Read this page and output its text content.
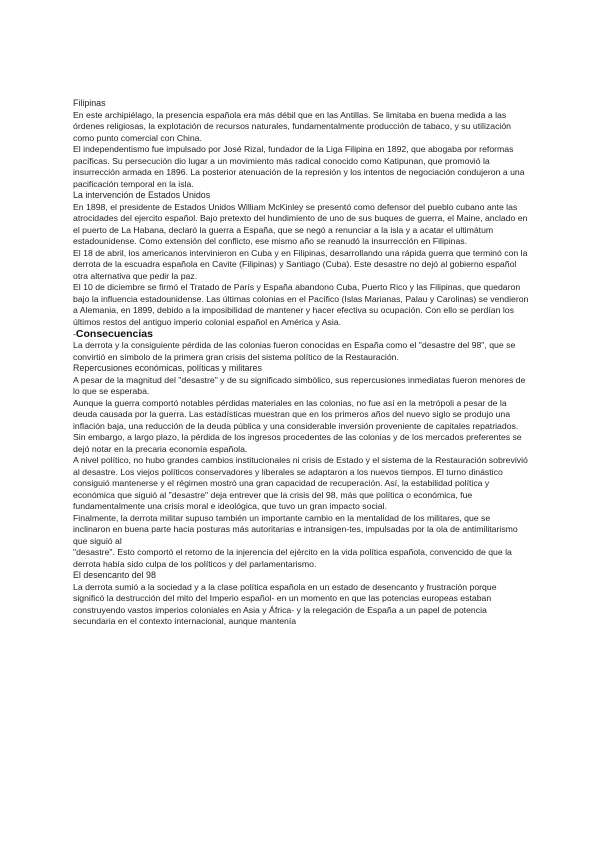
Filipinas

En este archipiélago, la presencia española era más débil que en las Antillas. Se limitaba en buena medida a las órdenes religiosas, la explotación de recursos naturales, fundamentalmente producción de tabaco, y su utilización como punto comercial con China.

El independentismo fue impulsado por José Rizal, fundador de la Liga Filipina en 1892, que abogaba por reformas pacíficas. Su persecución dio lugar a un movimiento más radical conocido como Katipunan, que promovió la insurrección armada en 1896. La posterior atenuación de la represión y los intentos de negociación condujeron a una pacificación temporal en la isla.

La intervención de Estados Unidos

En 1898, el presidente de Estados Unidos William McKinley se presentó como defensor del pueblo cubano ante las atrocidades del ejercito español. Bajo pretexto del hundimiento de uno de sus buques de guerra, el Maine, anclado en el puerto de La Habana, declaró la guerra a España, que se negó a renunciar a la isla y a acatar el ultimátum estadounidense. Como extensión del conflicto, ese mismo año se reanudó la insurrección en Filipinas.

El 18 de abril, los americanos intervinieron en Cuba y en Filipinas, desarrollando una rápida guerra que terminó con la derrota de la escuadra española en Cavite (Filipinas) y Santiago (Cuba). Este desastre no dejó al gobierno español otra alternativa que pedir la paz.

El 10 de diciembre se firmó el Tratado de París y España abandono Cuba, Puerto Rico y las Filipinas, que quedaron bajo la influencia estadounidense. Las últimas colonias en el Pacífico (Islas Marianas, Palau y Carolinas) se vendieron a Alemania, en 1899, debido a la imposibilidad de mantener y hacer efectiva su ocupación. Con ello se perdían los últimos restos del antiguo imperio colonial español en América y Asia.

-Consecuencias

La derrota y la consiguiente pérdida de las colonias fueron conocidas en España como el "desastre del 98", que se convirtió en símbolo de la primera gran crisis del sistema político de la Restauración.

Repercusiones económicas, políticas y militares

A pesar de la magnitud del "desastre" y de su significado simbólico, sus repercusiones inmediatas fueron menores de lo que se esperaba.

Aunque la guerra comportó notables pérdidas materiales en las colonias, no fue así en la metrópoli a pesar de la deuda causada por la guerra. Las estadísticas muestran que en los primeros años del nuevo siglo se produjo una inflación baja, una reducción de la deuda pública y una considerable inversión proveniente de capitales repatriados. Sin embargo, a largo plazo, la pérdida de los ingresos procedentes de las colonias y de los mercados preferentes se dejó notar en la precaria economía española.

A nivel político, no hubo grandes cambios institucionales ni crisis de Estado y el sistema de la Restauración sobrevivió al desastre. Los viejos políticos conservadores y liberales se adaptaron a los nuevos tiempos. El turno dinástico consiguió mantenerse y el régimen mostró una gran capacidad de recuperación. Así, la estabilidad política y económica que siguió al "desastre" deja entrever que la crisis del 98, más que política o económica, fue fundamentalmente una crisis moral e ideológica, que tuvo un gran impacto social.

Finalmente, la derrota militar supuso también un importante cambio en la mentalidad de los militares, que se inclinaron en buena parte hacia posturas más autoritarias e intransigen-tes, impulsadas por la ola de antimilitarismo que siguió al

"desastre". Esto comportó el retorno de la injerencia del ejército en la vida política española, convencido de que la derrota había sido culpa de los políticos y del parlamentarismo.

El desencanto del 98

La derrota sumió a la sociedad y a la clase política española en un estado de desencanto y frustración porque significó la destrucción del mito del Imperio español- en un momento en que las potencias europeas estaban construyendo vastos imperios coloniales en Asia y África- y la relegación de España a un papel de potencia secundaria en el contexto internacional, aunque mantenía
